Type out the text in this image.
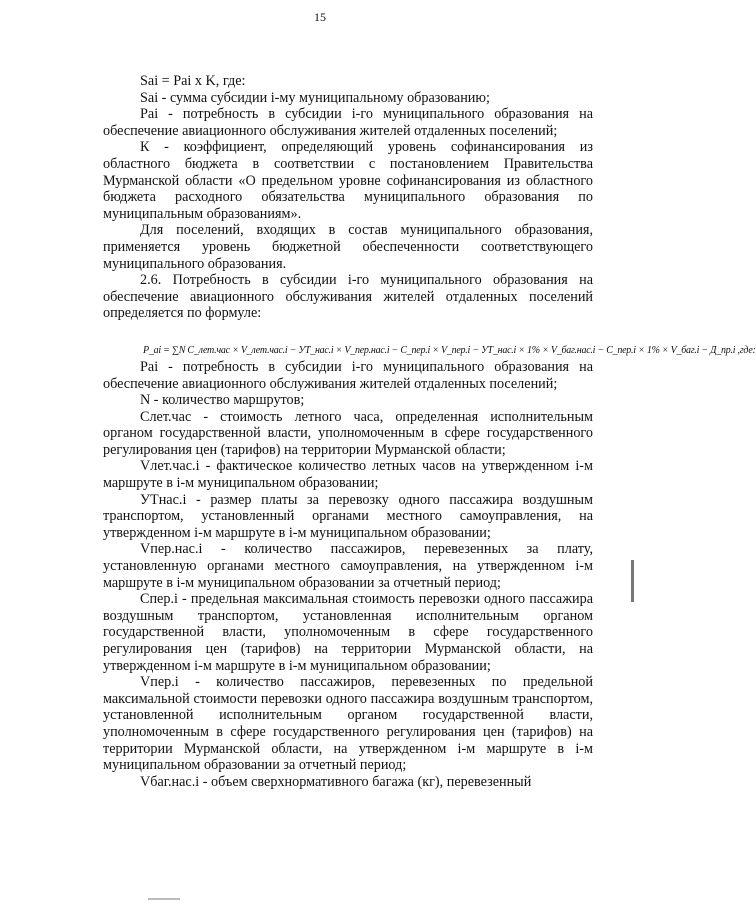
15

Sai = Pai x K, где:

Sai - сумма субсидии i-му муниципальному образованию;

Pai - потребность в субсидии i-го муниципального образования на обеспечение авиационного обслуживания жителей отдаленных поселений;

К - коэффициент, определяющий уровень софинансирования из областного бюджета в соответствии с постановлением Правительства Мурманской области «О предельном уровне софинансирования из областного бюджета расходного обязательства муниципального образования по муниципальным образованиям».

Для поселений, входящих в состав муниципального образования, применяется уровень бюджетной обеспеченности соответствующего муниципального образования.

2.6. Потребность в субсидии i-го муниципального образования на обеспечение авиационного обслуживания жителей отдаленных поселений определяется по формуле:

P_ai = ∑N C_лет.час × V_лет.час.i − УТ_нас.i × V_пер.нас.i − C_пер.i × V_пер.i − УТ_нас.i × 1% × V_баг.нас.i − C_пер.i × 1% × V_баг.i − Д_пр.i ,где:

Pai - потребность в субсидии i-го муниципального образования на обеспечение авиационного обслуживания жителей отдаленных поселений;

N - количество маршрутов;

Слет.час - стоимость летного часа, определенная исполнительным органом государственной власти, уполномоченным в сфере государственного регулирования цен (тарифов) на территории Мурманской области;

Vлет.час.i - фактическое количество летных часов на утвержденном i-м маршруте в i-м муниципальном образовании;

УТнас.i - размер платы за перевозку одного пассажира воздушным транспортом, установленный органами местного самоуправления, на утвержденном i-м маршруте в i-м муниципальном образовании;

Vпер.нас.i - количество пассажиров, перевезенных за плату, установленную органами местного самоуправления, на утвержденном i-м маршруте в i-м муниципальном образовании за отчетный период;

Спер.i - предельная максимальная стоимость перевозки одного пассажира воздушным транспортом, установленная исполнительным органом государственной власти, уполномоченным в сфере государственного регулирования цен (тарифов) на территории Мурманской области, на утвержденном i-м маршруте в i-м муниципальном образовании;

Vпер.i - количество пассажиров, перевезенных по предельной максимальной стоимости перевозки одного пассажира воздушным транспортом, установленной исполнительным органом государственной власти, уполномоченным в сфере государственного регулирования цен (тарифов) на территории Мурманской области, на утвержденном i-м маршруте в i-м муниципальном образовании за отчетный период;

Vбаг.нас.i - объем сверхнормативного багажа (кг), перевезенный
